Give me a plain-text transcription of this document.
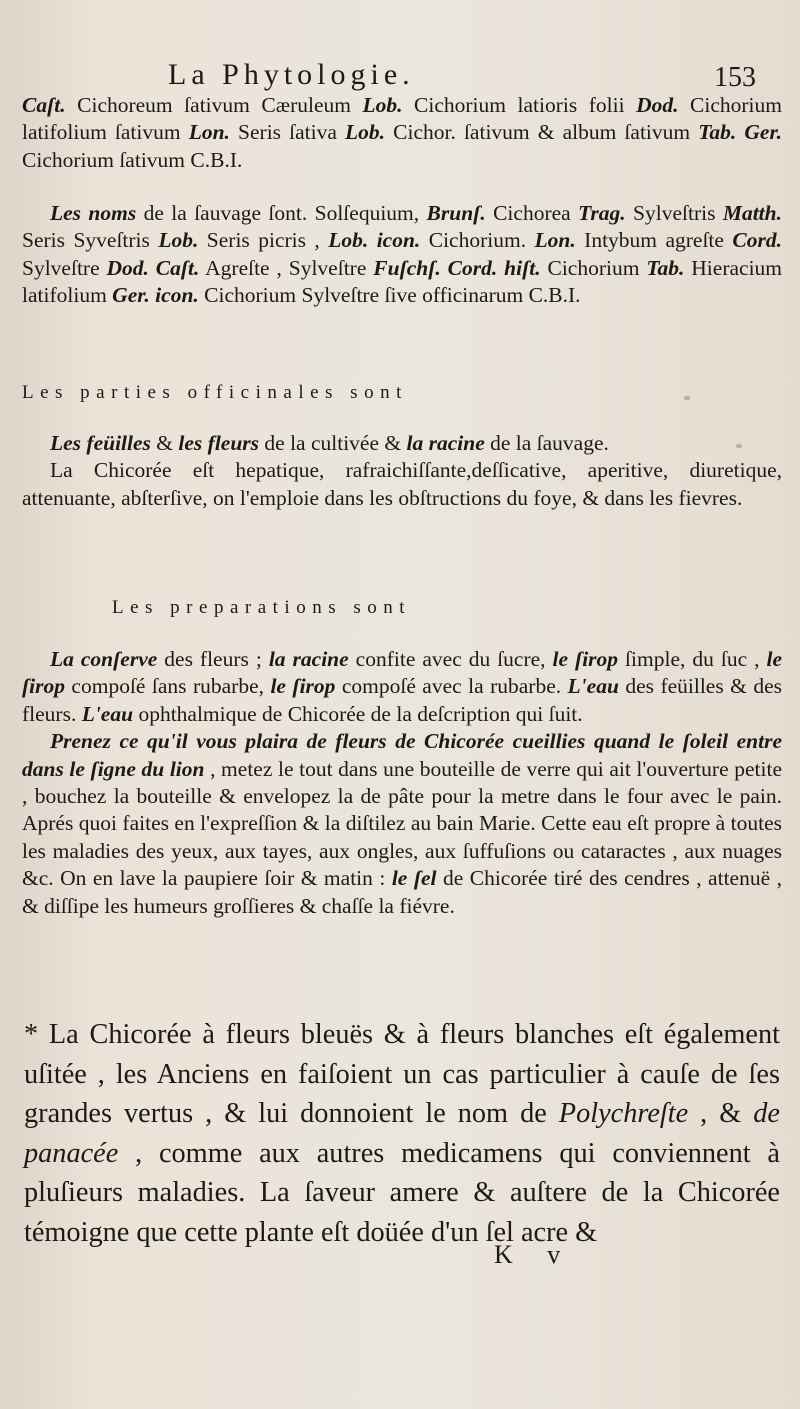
La Phytologie.	153

Caſt. Cichoreum ſativum Cæruleum Lob. Cichorium latioris folii Dod. Cichorium latifolium ſativum Lon. Seris ſativa Lob. Cichor. ſativum & album ſativum Tab. Ger. Cichorium ſativum C.B.I.

Les noms de la ſauvage ſont. Solſequium, Brunſ. Cichorea Trag. Sylveſtris Matth. Seris Syveſtris Lob. Seris picris , Lob. icon. Cichorium. Lon. Intybum agreſte Cord. Sylveſtre Dod. Caſt. Agreſte , Sylveſtre Fuſchſ. Cord. hiſt. Cichorium Tab. Hieracium latifolium Ger. icon. Cichorium Sylveſtre ſive officinarum C.B.I.

Les parties officinales sont

Les feüilles & les fleurs de la cultivée & la racine de la ſauvage.

La Chicorée eſt hepatique, rafraichiſſante,deſſicative, aperitive, diuretique, attenuante, abſterſive, on l'emploie dans les obſtructions du foye, & dans les fievres.

Les preparations sont

La conſerve des fleurs ; la racine confite avec du ſucre, le ſirop ſimple, du ſuc , le ſirop compoſé ſans rubarbe, le ſirop compoſé avec la rubarbe. L'eau des feüilles & des fleurs. L'eau ophthalmique de Chicorée de la deſcription qui ſuit.

Prenez ce qu'il vous plaira de fleurs de Chicorée cueillies quand le ſoleil entre dans le ſigne du lion , metez le tout dans une bouteille de verre qui ait l'ouverture petite , bouchez la bouteille & envelopez la de pâte pour la metre dans le four avec le pain. Aprés quoi faites en l'expreſſion & la diſtilez au bain Marie. Cette eau eſt propre à toutes les maladies des yeux, aux tayes, aux ongles, aux ſuffuſions ou cataractes , aux nuages &c. On en lave la paupiere ſoir & matin : le ſel de Chicorée tiré des cendres , attenuë , & diſſipe les humeurs groſſieres & chaſſe la fiévre.

* La Chicorée à fleurs bleuës & à fleurs blanches eſt également uſitée , les Anciens en faiſoient un cas particulier à cauſe de ſes grandes vertus , & lui donnoient le nom de Polychreſte , & de panacée , comme aux autres medicamens qui conviennent à pluſieurs maladies. La ſaveur amere & auſtere de la Chicorée témoigne que cette plante eſt doüée d'un ſel acre &

K v
